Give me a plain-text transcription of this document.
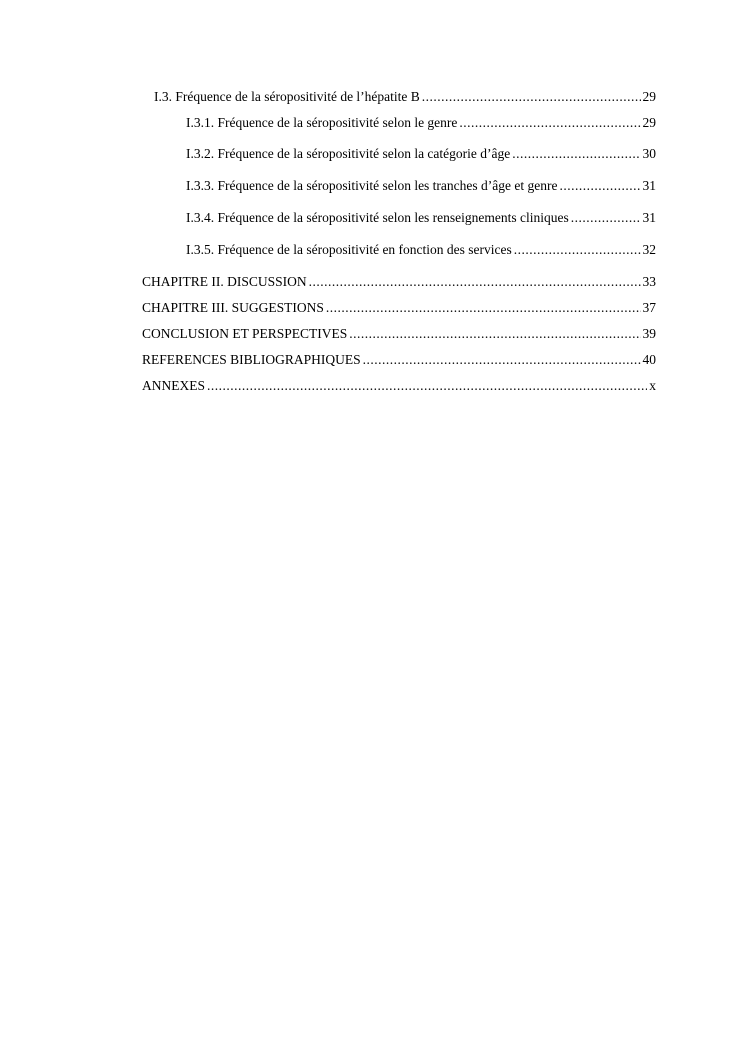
I.3. Fréquence de la séropositivité de l’hépatite B .....	29
I.3.1. Fréquence de la séropositivité selon le genre .....	29
I.3.2. Fréquence de la séropositivité selon la catégorie d’âge .....	30
I.3.3. Fréquence de la séropositivité selon les tranches d’âge et genre .....	31
I.3.4. Fréquence de la séropositivité selon les renseignements cliniques .....	31
I.3.5. Fréquence de la séropositivité en fonction des services .....	32
CHAPITRE II. DISCUSSION .....	33
CHAPITRE III. SUGGESTIONS .....	37
CONCLUSION ET PERSPECTIVES .....	39
REFERENCES BIBLIOGRAPHIQUES .....	40
ANNEXES .....	x
